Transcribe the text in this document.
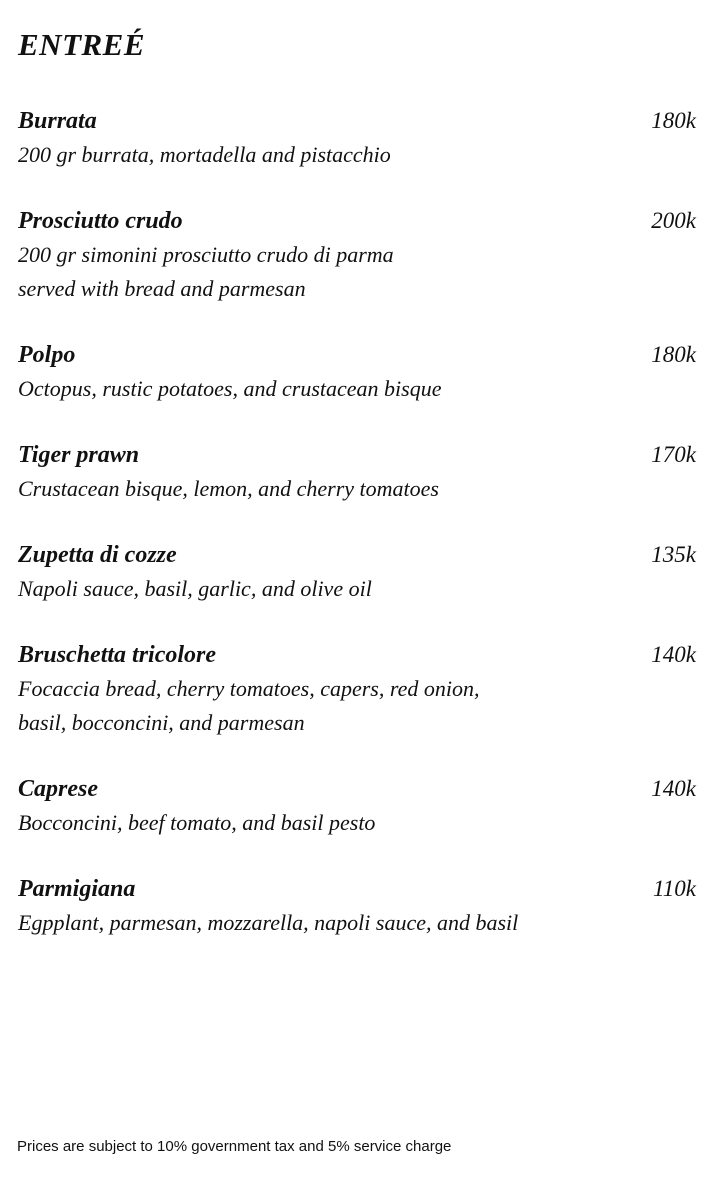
ENTREÉ
Burrata	180k
200 gr burrata, mortadella and pistacchio
Prosciutto crudo	200k
200 gr simonini prosciutto crudo di parma
served with bread and parmesan
Polpo	180k
Octopus, rustic potatoes, and crustacean bisque
Tiger prawn	170k
Crustacean bisque, lemon, and cherry tomatoes
Zupetta di cozze	135k
Napoli sauce, basil, garlic, and olive oil
Bruschetta tricolore	140k
Focaccia bread, cherry tomatoes, capers, red onion,
basil, bocconcini, and parmesan
Caprese	140k
Bocconcini, beef tomato, and basil pesto
Parmigiana	110k
Egpplant, parmesan, mozzarella, napoli sauce, and basil
Prices are subject to 10% government tax and 5% service charge
